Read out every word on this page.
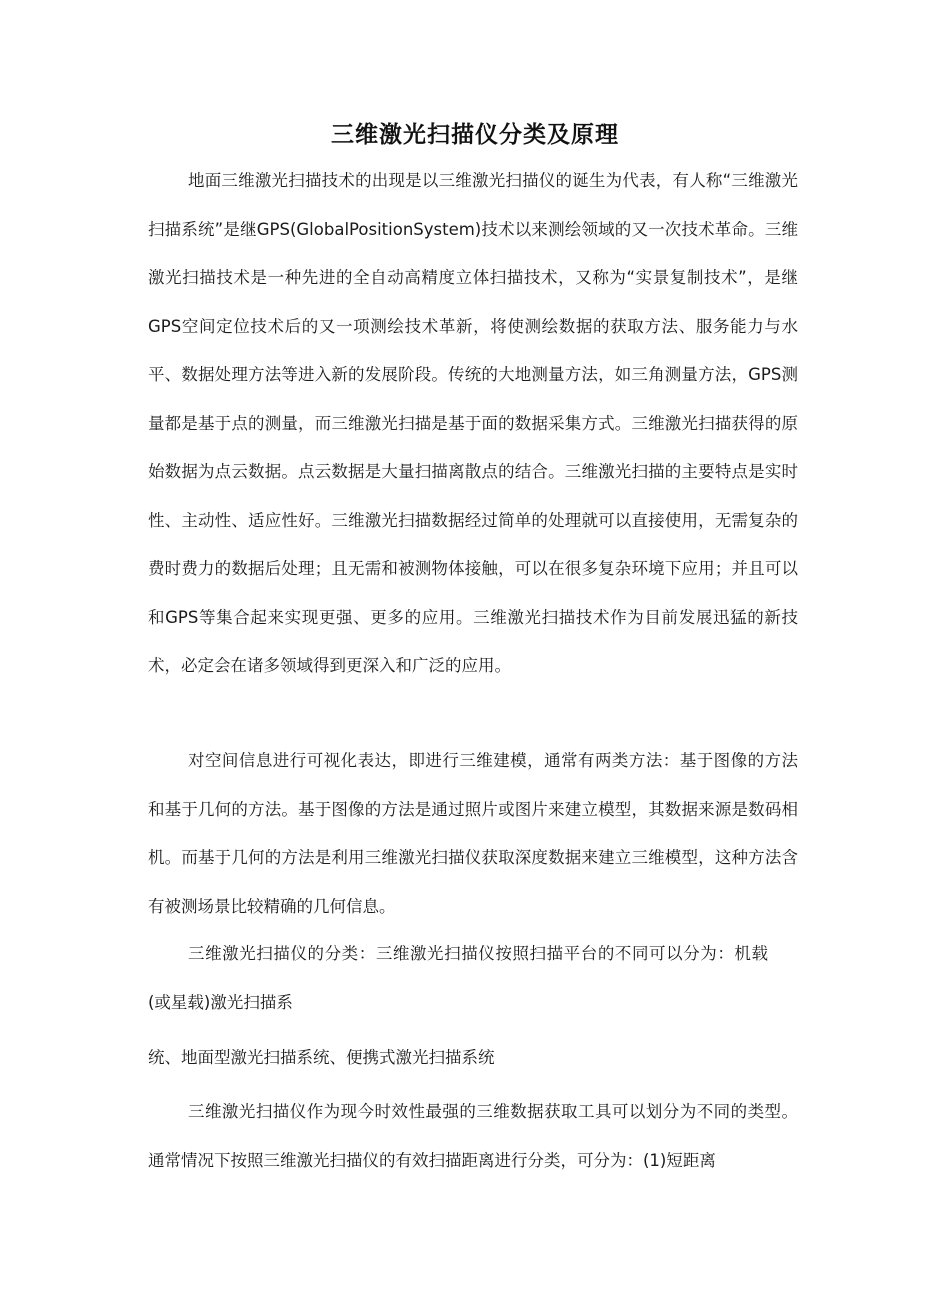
三维激光扫描仪分类及原理

地面三维激光扫描技术的出现是以三维激光扫描仪的诞生为代表，有人称“三维激光扫描系统”是继GPS(GlobalPositionSystem)技术以来测绘领域的又一次技术革命。三维激光扫描技术是一种先进的全自动高精度立体扫描技术，又称为“实景复制技术”，是继GPS空间定位技术后的又一项测绘技术革新，将使测绘数据的获取方法、服务能力与水平、数据处理方法等进入新的发展阶段。传统的大地测量方法，如三角测量方法，GPS测量都是基于点的测量，而三维激光扫描是基于面的数据采集方式。三维激光扫描获得的原始数据为点云数据。点云数据是大量扫描离散点的结合。三维激光扫描的主要特点是实时性、主动性、适应性好。三维激光扫描数据经过简单的处理就可以直接使用，无需复杂的费时费力的数据后处理；且无需和被测物体接触，可以在很多复杂环境下应用；并且可以和GPS等集合起来实现更强、更多的应用。三维激光扫描技术作为目前发展迅猛的新技术，必定会在诸多领域得到更深入和广泛的应用。

对空间信息进行可视化表达，即进行三维建模，通常有两类方法：基于图像的方法和基于几何的方法。基于图像的方法是通过照片或图片来建立模型，其数据来源是数码相机。而基于几何的方法是利用三维激光扫描仪获取深度数据来建立三维模型，这种方法含有被测场景比较精确的几何信息。

三维激光扫描仪的分类：三维激光扫描仪按照扫描平台的不同可以分为：机载(或星载)激光扫描系

统、地面型激光扫描系统、便携式激光扫描系统

三维激光扫描仪作为现今时效性最强的三维数据获取工具可以划分为不同的类型。通常情况下按照三维激光扫描仪的有效扫描距离进行分类，可分为：(1)短距离
